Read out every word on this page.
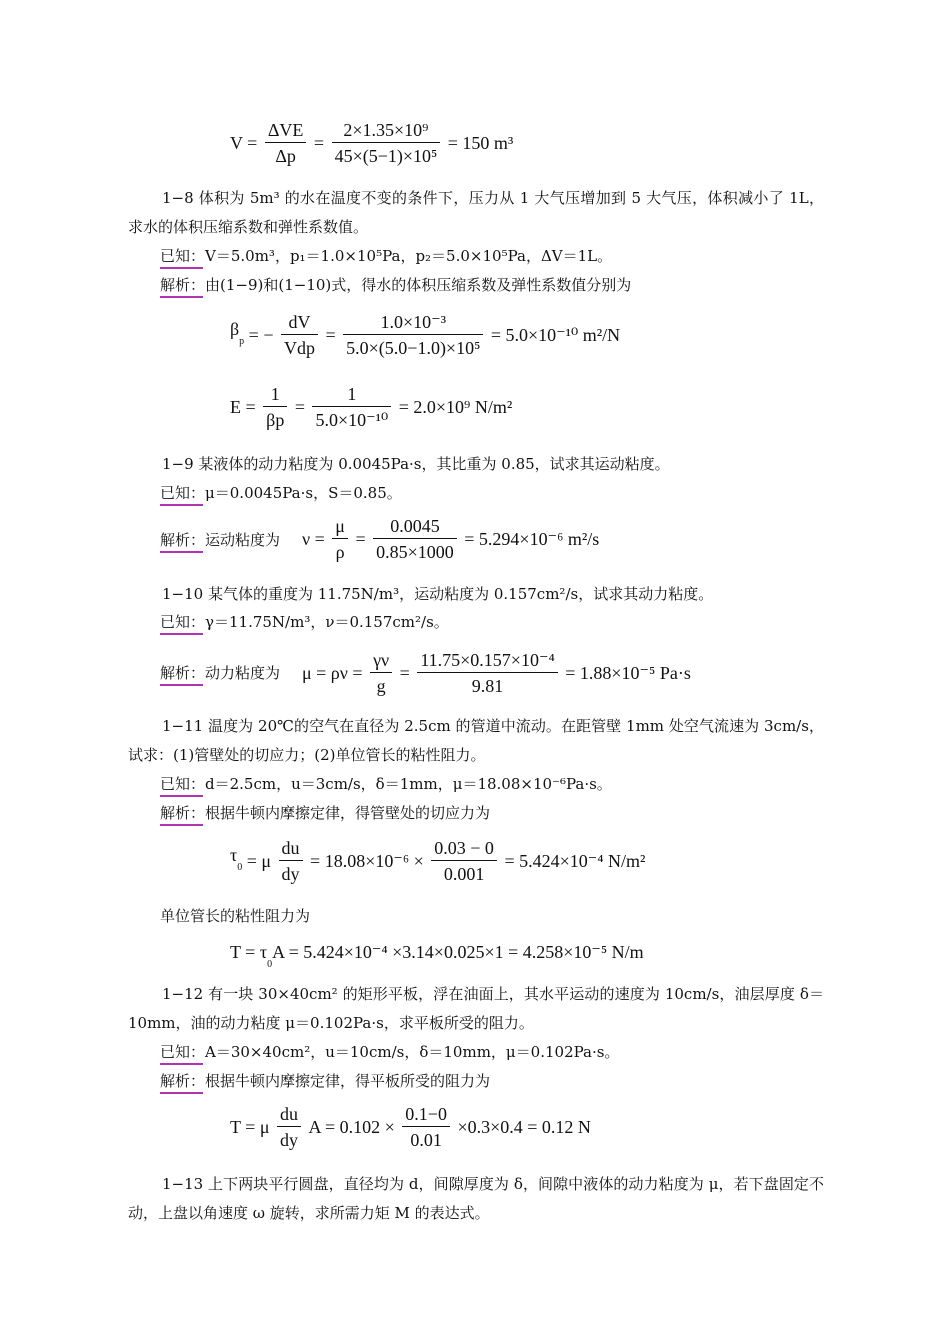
$V = \frac{\text{ΔVE}}{\Delta p} = \frac{\text{2×1.35×10⁹}}{\text{45×(5−1)×10⁵}} = 150$ m³
1−8 体积为 5m³ 的水在温度不变的条件下，压力从 1 大气压增加到 5 大气压，体积减小了 1L，求水的体积压缩系数和弹性系数值。
已知：V＝5.0m³，p₁＝1.0×10⁵Pa，p₂＝5.0×10⁵Pa，ΔV＝1L。
解析：由(1−9)和(1−10)式，得水的体积压缩系数及弹性系数值分别为
$\beta_p$ = − $\frac{dV}{\text{Vdp}} = \frac{\text{1.0×10⁻³}}{\text{5.0×(5.0−1.0)×10⁵}} = 5.0\times 10^{-10}$ m²/N
$E = \frac{1}{\beta p} = \frac{1}{\text{5.0×10⁻¹⁰}} = 2.0\times 10^9$ N/m²
1−9 某液体的动力粘度为 0.0045Pa·s，其比重为 0.85，试求其运动粘度。
已知：μ＝0.0045Pa·s，S＝0.85。
解析：运动粘度为 $\nu = \frac{\mu}{\rho} = \frac{0.0045}{0.85\times 1000} = 5.294\times 10^{-6}$ m²/s
1−10 某气体的重度为 11.75N/m³，运动粘度为 0.157cm²/s，试求其动力粘度。
已知：γ＝11.75N/m³，ν＝0.157cm²/s。
解析：动力粘度为 $\mu = \rho\nu = \frac{\gamma\nu}{g} = \frac{\text{11.75×0.157×10⁻⁴}}{9.81} = 1.88\times 10^{-5}$ Pa·s
1−11 温度为 20℃的空气在直径为 2.5cm 的管道中流动。在距管壁 1mm 处空气流速为 3cm/s，试求：(1)管壁处的切应力；(2)单位管长的粘性阻力。
已知：d＝2.5cm，u＝3cm/s，δ＝1mm，μ＝18.08×10⁻⁶Pa·s。
解析：根据牛顿内摩擦定律，得管壁处的切应力为
$\tau_0 = \mu \frac{du}{dy} = 18.08\times 10^{-6} \times \frac{0.03 - 0}{0.001} = 5.424\times 10^{-4}$ N/m²
单位管长的粘性阻力为
$T = \tau_0A = 5.424\times 10^{-4} \times 3.14\times 0.025\times 1 = 4.258\times 10^{-5}$ N/m
1−12 有一块 30×40cm² 的矩形平板，浮在油面上，其水平运动的速度为 10cm/s，油层厚度 δ＝10mm，油的动力粘度 μ＝0.102Pa·s，求平板所受的阻力。
已知：A＝30×40cm²，u＝10cm/s，δ＝10mm，μ＝0.102Pa·s。
解析：根据牛顿内摩擦定律，得平板所受的阻力为
T = μ $\frac{du}{dy}$ $A = 0.102 \times \frac{0.1-0}{0.01} \times 0.3\times 0.4 = 0.12$ N
1−13 上下两块平行圆盘，直径均为 d，间隙厚度为 δ，间隙中液体的动力粘度为 μ，若下盘固定不动，上盘以角速度 ω 旋转，求所需力矩 M 的表达式。
